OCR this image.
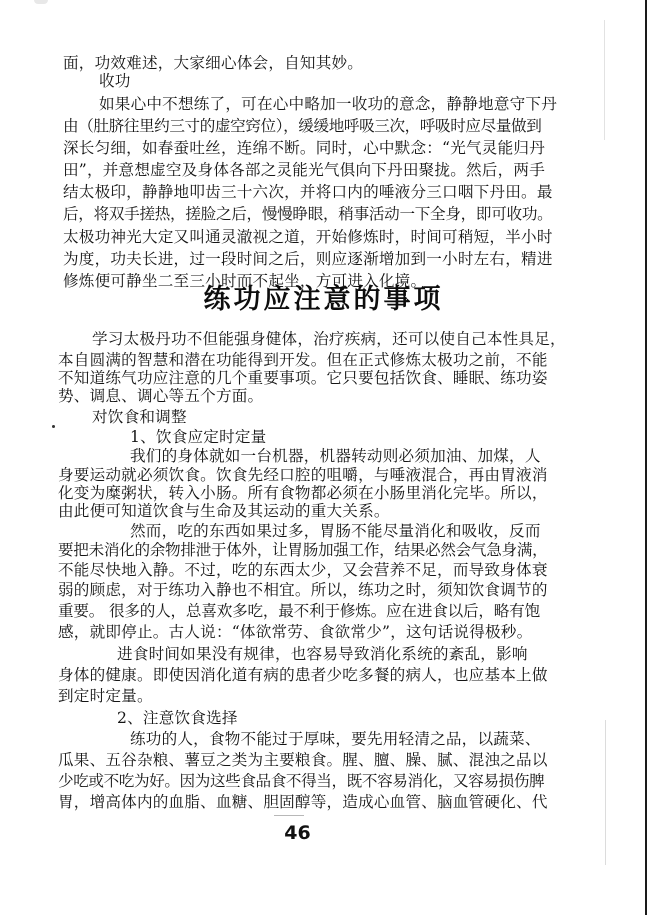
面，功效难述，大家细心体会，自知其妙。
收功
如果心中不想练了，可在心中略加一收功的意念，静静地意守下丹
由（肚脐往里约三寸的虚空窍位），缓缓地呼吸三次，呼吸时应尽量做到
深长匀细，如春蚕吐丝，连绵不断。同时，心中默念：“光气灵能归丹
田”，并意想虚空及身体各部之灵能光气俱向下丹田聚拢。然后，两手
结太极印，静静地叩齿三十六次，并将口内的唾液分三口咽下丹田。最
后，将双手搓热，搓脸之后，慢慢睁眼，稍事活动一下全身，即可收功。
太极功神光大定又叫通灵澈视之道，开始修炼时，时间可稍短，半小时
为度，功夫长进，过一段时间之后，则应逐渐增加到一小时左右，精进
修炼便可静坐二至三小时而不起坐，方可进入化境。
练功应注意的事项
学习太极丹功不但能强身健体，治疗疾病，还可以使自己本性具足，
本自圆满的智慧和潜在功能得到开发。但在正式修炼太极功之前，不能
不知道练气功应注意的几个重要事项。它只要包括饮食、睡眠、练功姿
势、调息、调心等五个方面。
对饮食和调整
1、饮食应定时定量
我们的身体就如一台机器，机器转动则必须加油、加煤，人
身要运动就必须饮食。饮食先经口腔的咀嚼，与唾液混合，再由胃液消
化变为糜粥状，转入小肠。所有食物都必须在小肠里消化完毕。所以，
由此便可知道饮食与生命及其运动的重大关系。
然而，吃的东西如果过多，胃肠不能尽量消化和吸收，反而
要把未消化的余物排泄于体外，让胃肠加强工作，结果必然会气急身满，
不能尽快地入静。不过，吃的东西太少，又会营养不足，而导致身体衰
弱的顾虑，对于练功入静也不相宜。所以，练功之时，须知饮食调节的
重要。 很多的人，总喜欢多吃，最不利于修炼。应在进食以后，略有饱
感，就即停止。古人说：“体欲常劳、食欲常少”，这句话说得极秒。
进食时间如果没有规律，也容易导致消化系统的紊乱，影响
身体的健康。即使因消化道有病的患者少吃多餐的病人，也应基本上做
到定时定量。
2、注意饮食选择
练功的人，食物不能过于厚味，要先用轻清之品，以蔬菜、
瓜果、五谷杂粮、薯豆之类为主要粮食。腥、膻、臊、腻、混浊之品以
少吃或不吃为好。因为这些食品食不得当，既不容易消化，又容易损伤脾
胃，增高体内的血脂、血糖、胆固醇等，造成心血管、脑血管硬化、代
46
